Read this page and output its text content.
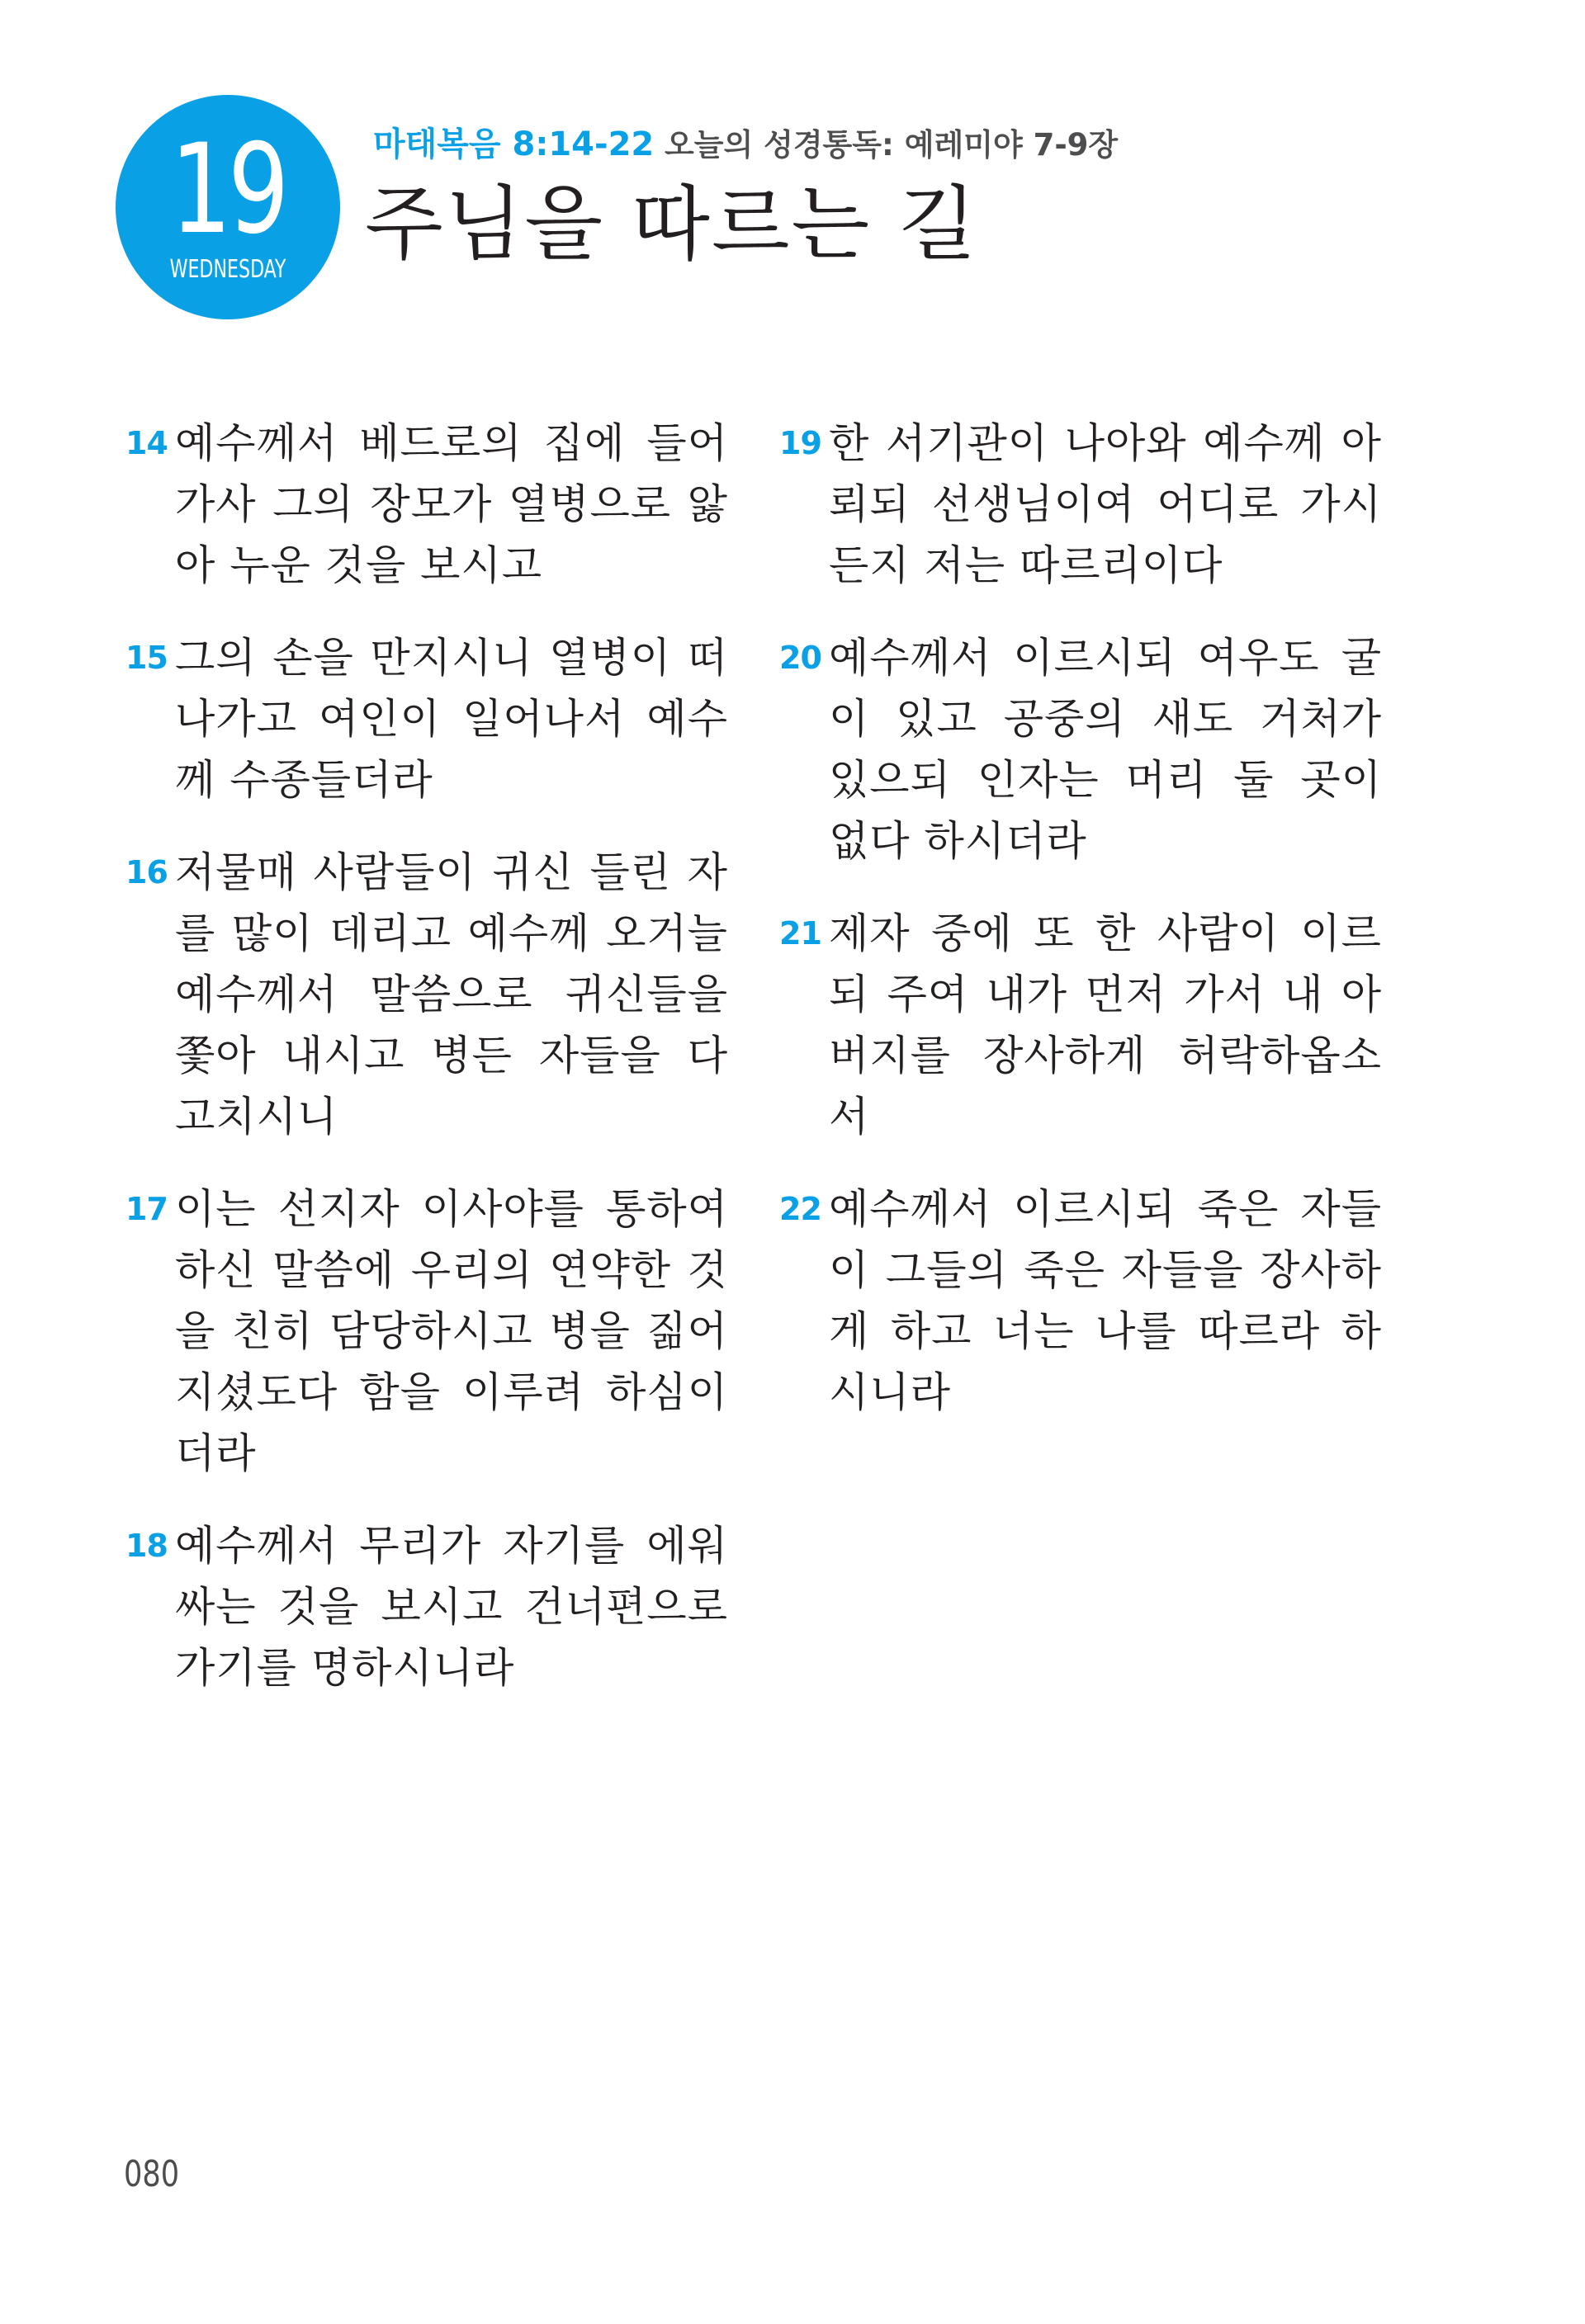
19
WEDNESDAY
마태복음 8:14-22 오늘의 성경통독: 예레미야 7-9장
주님을 따르는 길
14 예수께서 베드로의 집에 들어가사 그의 장모가 열병으로 앓아 누운 것을 보시고
15 그의 손을 만지시니 열병이 떠나가고 여인이 일어나서 예수께 수종들더라
16 저물매 사람들이 귀신 들린 자를 많이 데리고 예수께 오거늘 예수께서 말씀으로 귀신들을 쫓아 내시고 병든 자들을 다 고치시니
17 이는 선지자 이사야를 통하여 하신 말씀에 우리의 연약한 것을 친히 담당하시고 병을 짊어지셨도다 함을 이루려 하심이더라
18 예수께서 무리가 자기를 에워싸는 것을 보시고 건너편으로 가기를 명하시니라
19 한 서기관이 나아와 예수께 아뢰되 선생님이여 어디로 가시든지 저는 따르리이다
20 예수께서 이르시되 여우도 굴이 있고 공중의 새도 거처가 있으되 인자는 머리 둘 곳이 없다 하시더라
21 제자 중에 또 한 사람이 이르되 주여 내가 먼저 가서 내 아버지를 장사하게 허락하옵소서
22 예수께서 이르시되 죽은 자들이 그들의 죽은 자들을 장사하게 하고 너는 나를 따르라 하시니라
080
